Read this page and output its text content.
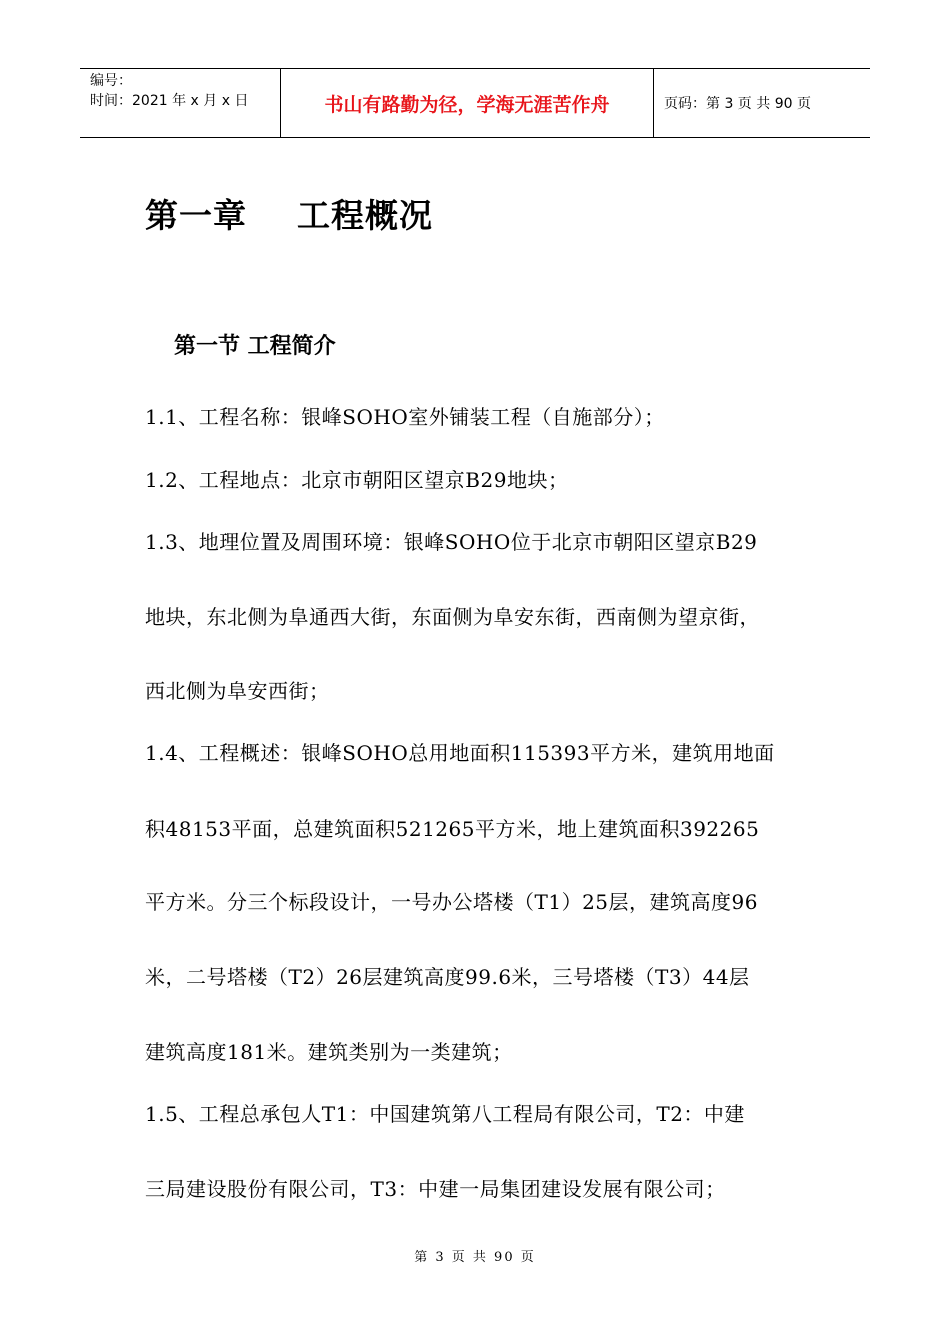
编号：
时间：2021 年 x 月 x 日	书山有路勤为径，学海无涯苦作舟	页码：第 3 页 共 90 页
第一章    工程概况
第一节 工程简介
1.1、工程名称：银峰SOHO室外铺装工程（自施部分）；
1.2、工程地点：北京市朝阳区望京B29地块；
1.3、地理位置及周围环境：银峰SOHO位于北京市朝阳区望京B29
地块，东北侧为阜通西大街，东面侧为阜安东街，西南侧为望京街，
西北侧为阜安西街；
1.4、工程概述：银峰SOHO总用地面积115393平方米，建筑用地面
积48153平面，总建筑面积521265平方米，地上建筑面积392265
平方米。分三个标段设计，一号办公塔楼（T1）25层，建筑高度96
米，二号塔楼（T2）26层建筑高度99.6米，三号塔楼（T3）44层
建筑高度181米。建筑类别为一类建筑；
1.5、工程总承包人T1：中国建筑第八工程局有限公司，T2：中建
三局建设股份有限公司，T3：中建一局集团建设发展有限公司；
第 3 页 共 90 页
